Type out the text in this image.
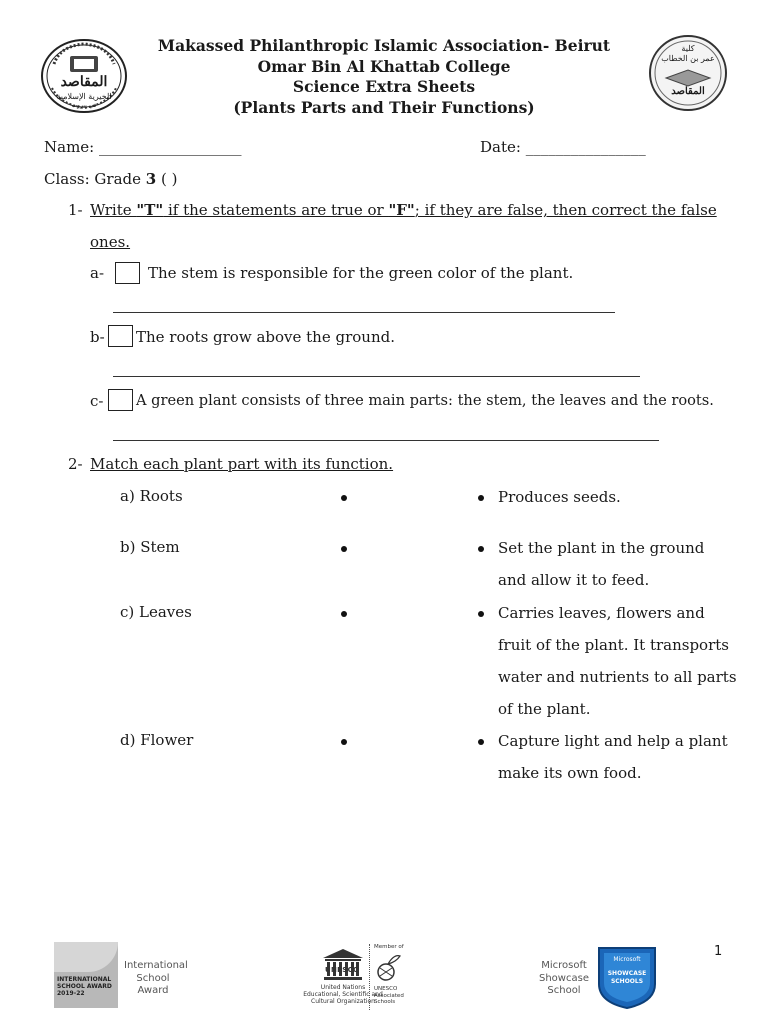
المقاصد
الخيرية الإسلامية
في بيروت
كلية
عمر بن الخطاب
المقاصد
Makassed Philanthropic Islamic Association- Beirut
Omar Bin Al Khattab College
Science Extra Sheets
(Plants Parts and Their Functions)
Name: ___________________	Date: ________________
Class: Grade 3 ( )
1- Write "T" if the statements are true or "F"; if they are false, then correct the false
ones.
a-	The stem is responsible for the green color of the plant.
b- The roots grow above the ground.
c- A green plant consists of three main parts: the stem, the leaves and the roots.
2- Match each plant part with its function.
a) Roots
b) Stem
c) Leaves
d) Flower
Produces seeds.
Set the plant in the ground
and allow it to feed.
Carries leaves, flowers and
fruit of the plant. It transports
water and nutrients to all parts
of the plant.
Capture light and help a plant
make its own food.
1
INTERNATIONAL SCHOOL AWARD 2019-22
International
School
Award
UNESCO
United Nations
Educational, Scientific and
Cultural Organization
Member of
UNESCO
Associated
Schools
Microsoft
Showcase
School
Microsoft
SHOWCASE
SCHOOLS
